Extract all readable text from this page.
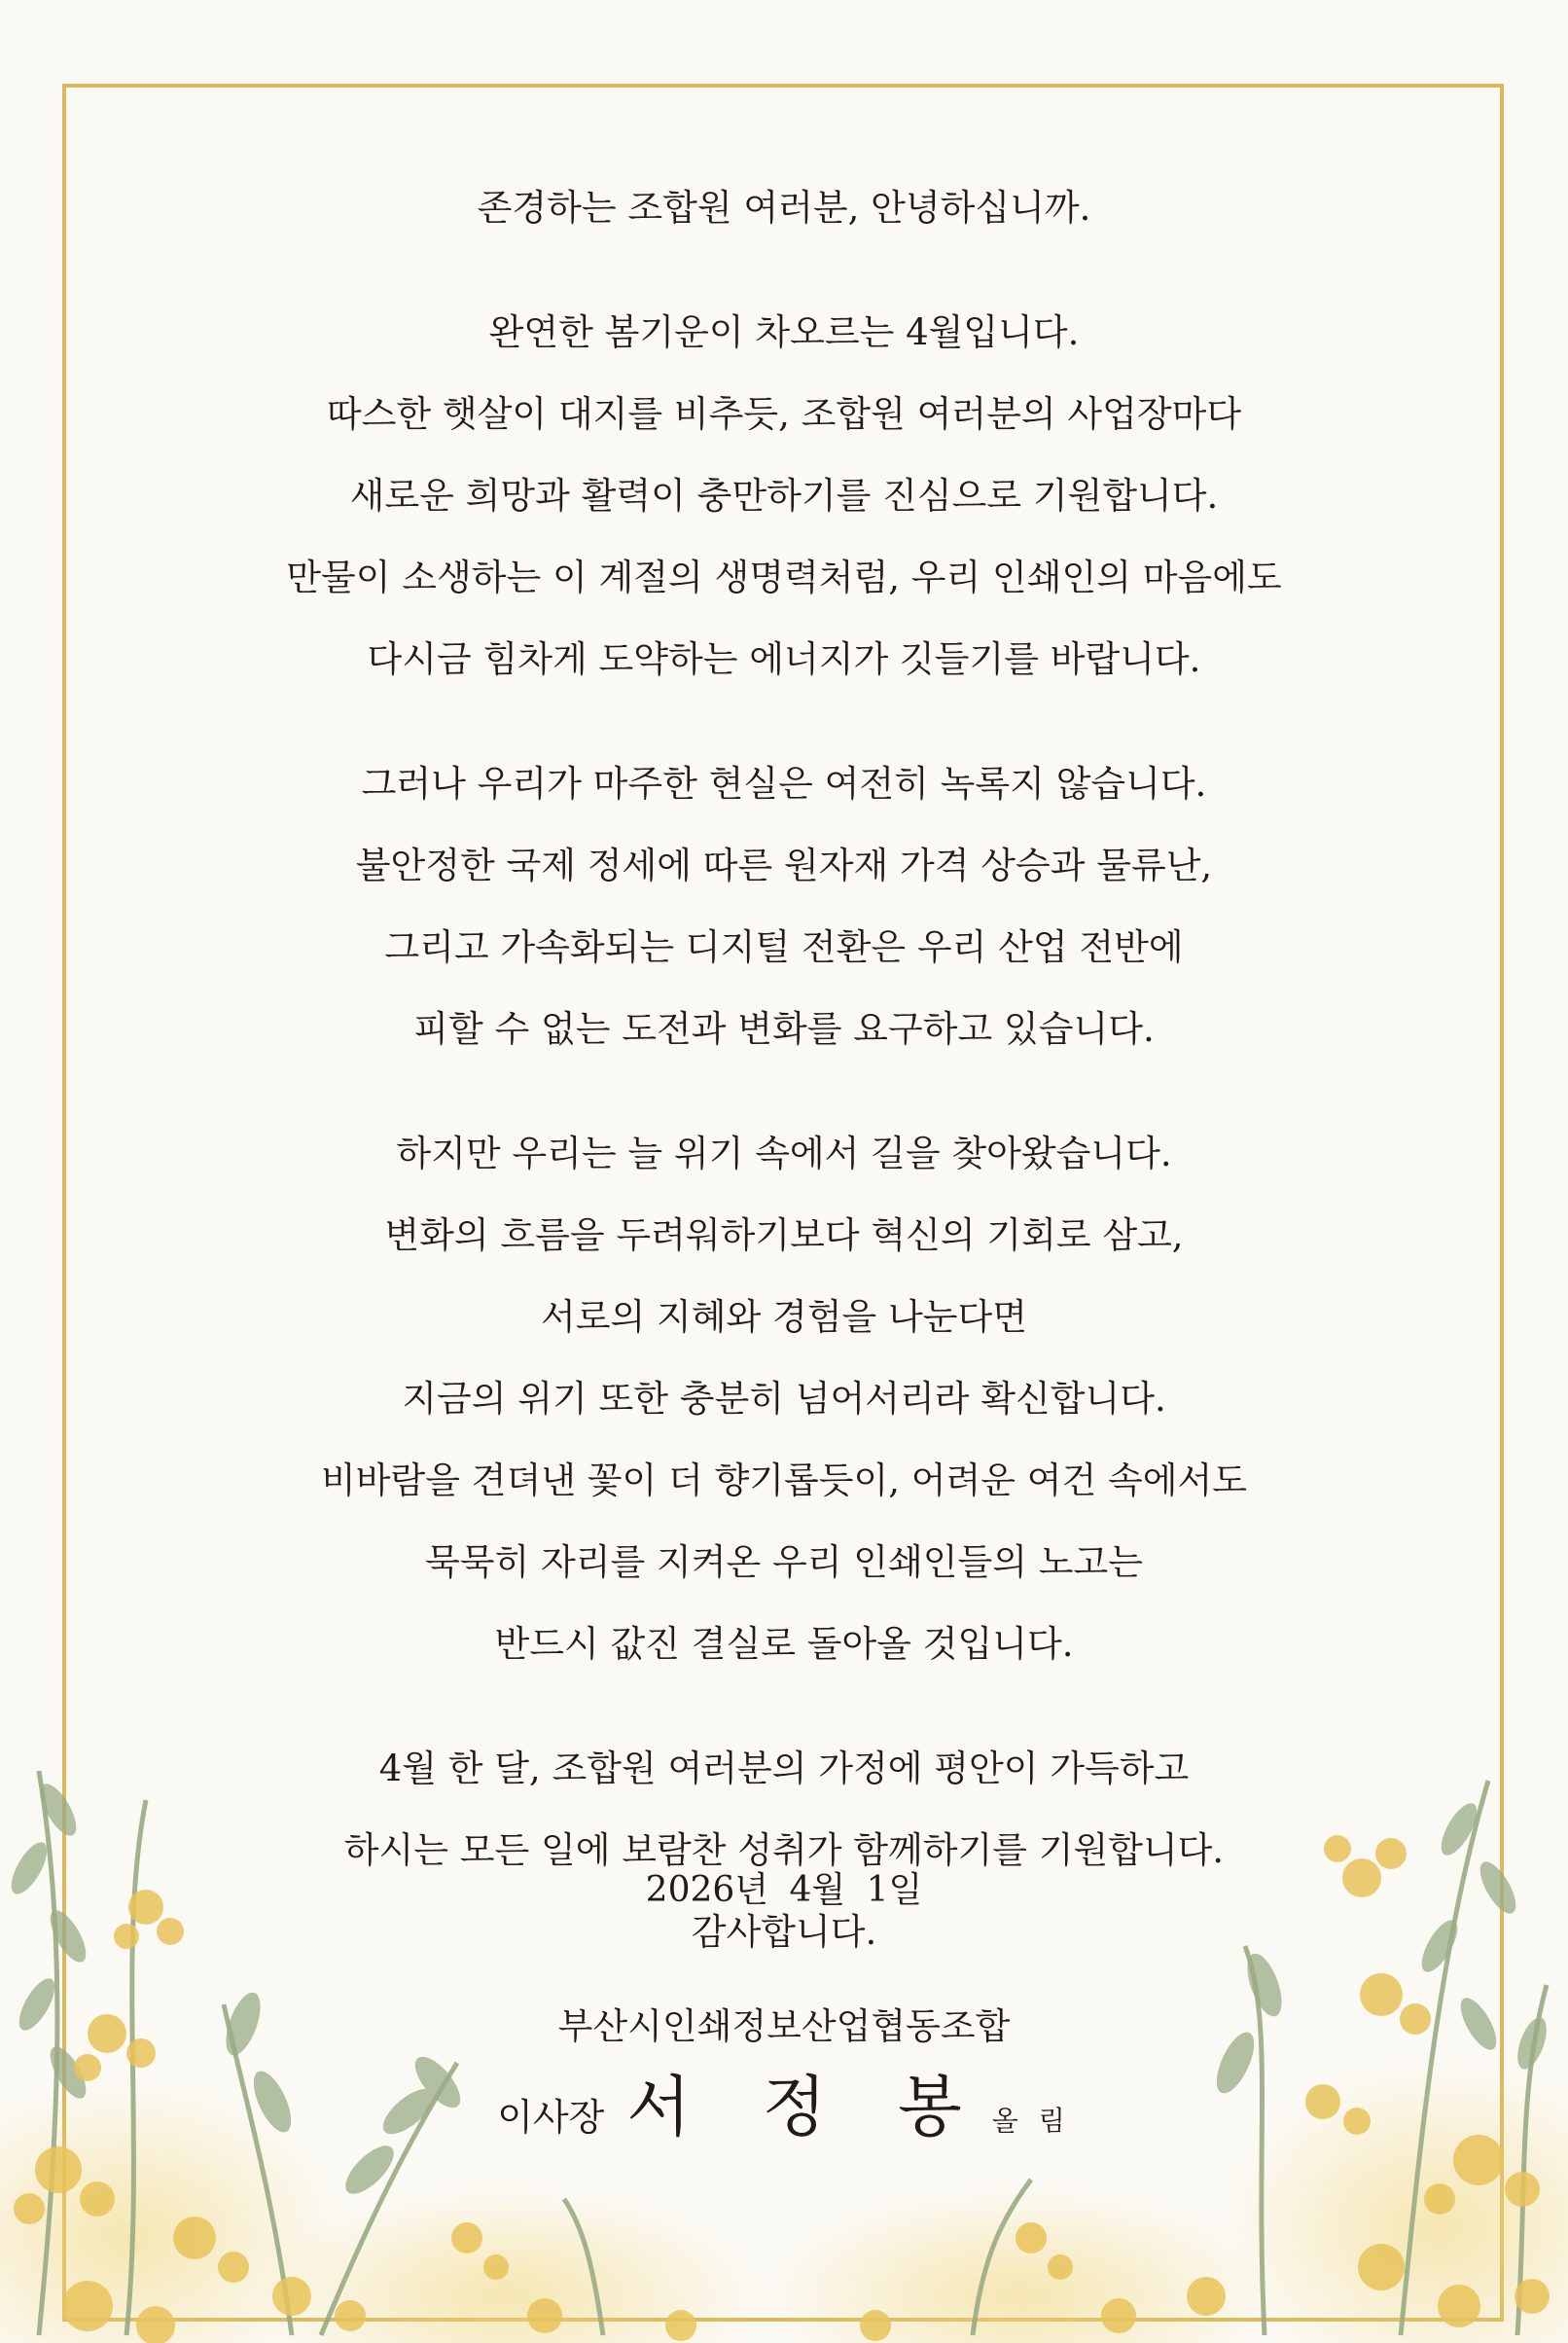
존경하는 조합원 여러분, 안녕하십니까.
완연한 봄기운이 차오르는 4월입니다.
따스한 햇살이 대지를 비추듯, 조합원 여러분의 사업장마다
새로운 희망과 활력이 충만하기를 진심으로 기원합니다.
만물이 소생하는 이 계절의 생명력처럼, 우리 인쇄인의 마음에도
다시금 힘차게 도약하는 에너지가 깃들기를 바랍니다.
그러나 우리가 마주한 현실은 여전히 녹록지 않습니다.
불안정한 국제 정세에 따른 원자재 가격 상승과 물류난,
그리고 가속화되는 디지털 전환은 우리 산업 전반에
피할 수 없는 도전과 변화를 요구하고 있습니다.
하지만 우리는 늘 위기 속에서 길을 찾아왔습니다.
변화의 흐름을 두려워하기보다 혁신의 기회로 삼고,
서로의 지혜와 경험을 나눈다면
지금의 위기 또한 충분히 넘어서리라 확신합니다.
비바람을 견뎌낸 꽃이 더 향기롭듯이, 어려운 여건 속에서도
묵묵히 자리를 지켜온 우리 인쇄인들의 노고는
반드시 값진 결실로 돌아올 것입니다.
4월 한 달, 조합원 여러분의 가정에 평안이 가득하고
하시는 모든 일에 보람찬 성취가 함께하기를 기원합니다.
감사합니다.
2026년 4월 1일
부산시인쇄정보산업협동조합
이사장 서 정 봉 올 림
